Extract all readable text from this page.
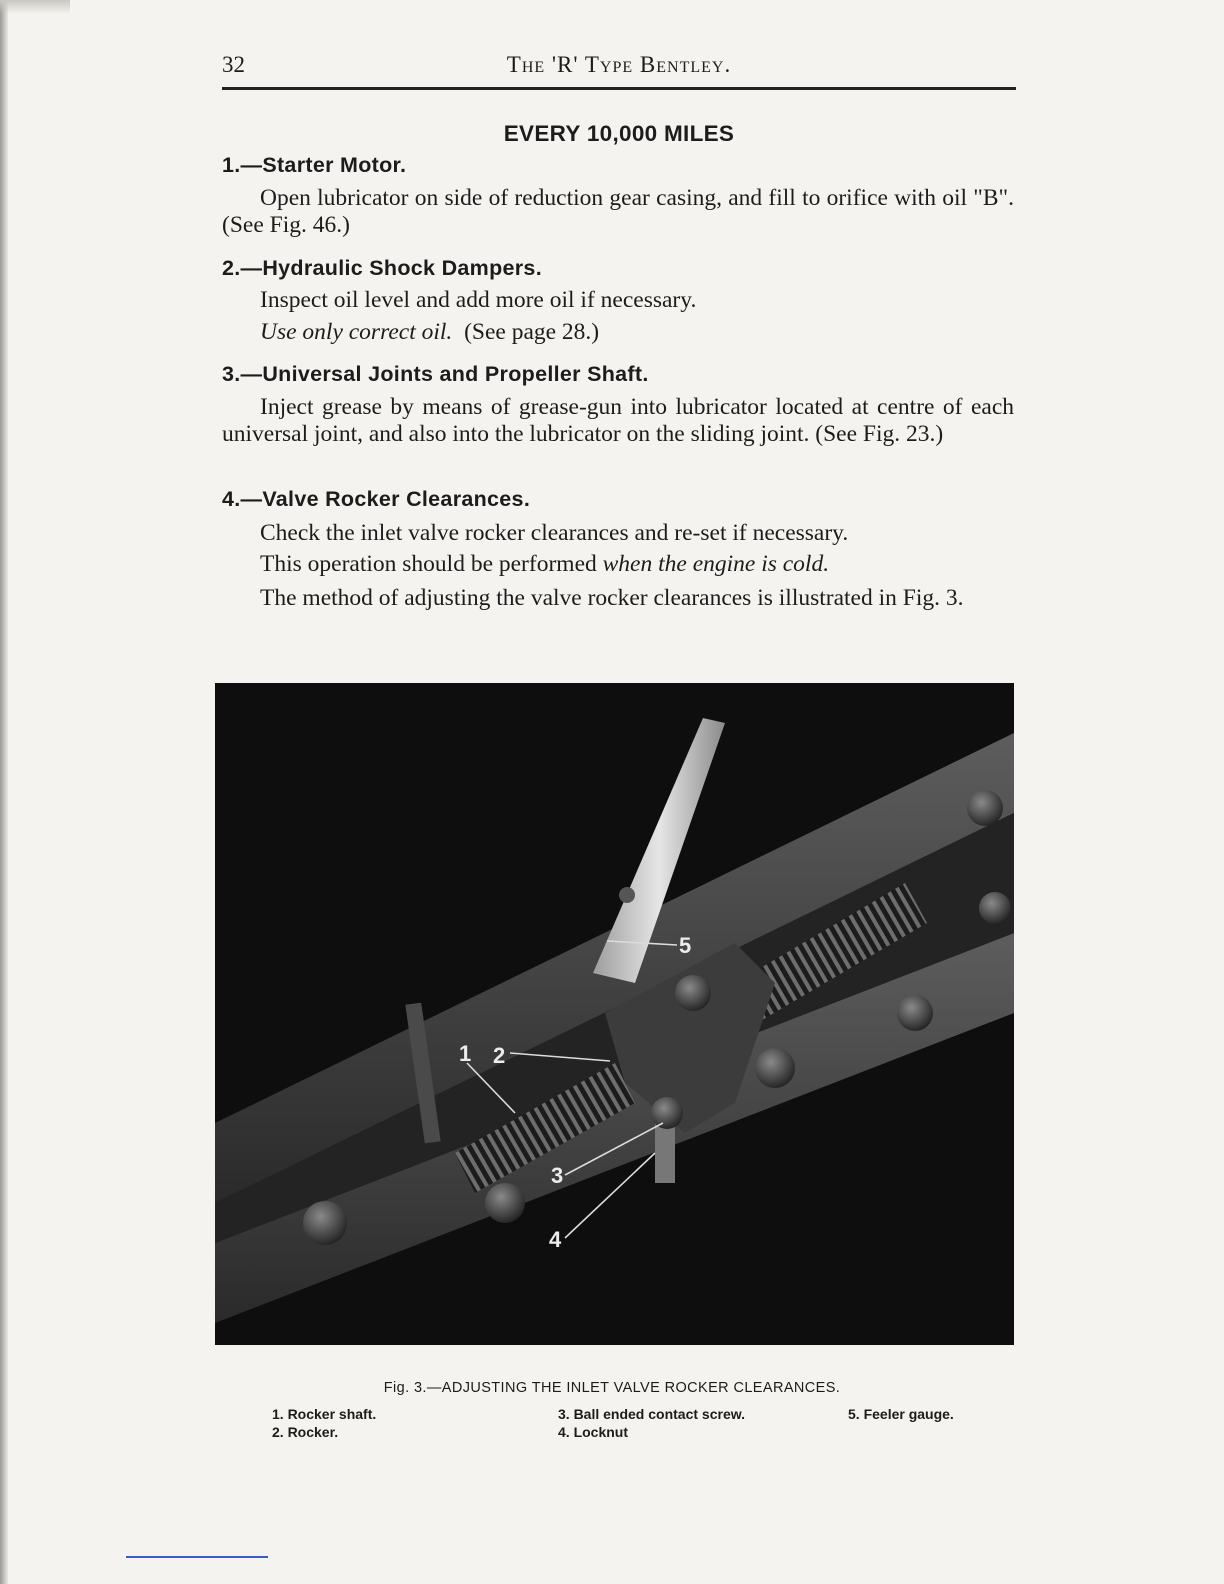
32	The 'R' Type Bentley.
EVERY 10,000 MILES
1.—Starter Motor.
Open lubricator on side of reduction gear casing, and fill to orifice with oil "B". (See Fig. 46.)
2.—Hydraulic Shock Dampers.
Inspect oil level and add more oil if necessary.
Use only correct oil. (See page 28.)
3.—Universal Joints and Propeller Shaft.
Inject grease by means of grease-gun into lubricator located at centre of each universal joint, and also into the lubricator on the sliding joint. (See Fig. 23.)
4.—Valve Rocker Clearances.
Check the inlet valve rocker clearances and re-set if necessary.
This operation should be performed when the engine is cold.
The method of adjusting the valve rocker clearances is illustrated in Fig. 3.
1 2
3
4
5
Fig. 3.—ADJUSTING THE INLET VALVE ROCKER CLEARANCES.
1. Rocker shaft.
2. Rocker.
3. Ball ended contact screw.
4. Locknut
5. Feeler gauge.
